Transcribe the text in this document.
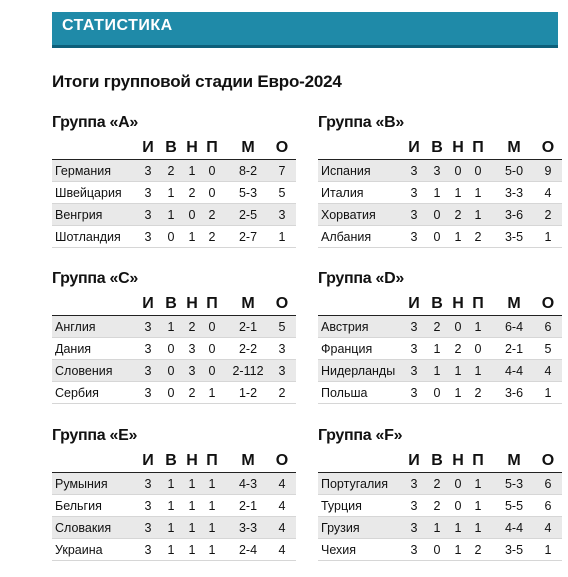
СТАТИСТИКА
Итоги групповой стадии Евро-2024
Группа «А»
И В Н П М О
Германия	3 2 1 0 8-2 7
Швейцария 3 1 2 0 5-3 5
Венгрия	3 1 0 2 2-5 3
Шотландия 3 0 1 2 2-7 1
Группа «В»
И В Н П М О
Испания	3 3 0 0 5-0 9
Италия	3 1 1 1 3-3 4
Хорватия	3 0 2 1 3-6 2
Албания	3 0 1 2 3-5 1
Группа «С»
И В Н П М О
Англия	3 1 2 0 2-1 5
Дания	3 0 3 0 2-2 3
Словения	3 0 3 0 2-112 3
Сербия	3 0 2 1 1-2 2
Группа «D»
И В Н П М О
Австрия	3 2 0 1 6-4 6
Франция	3 1 2 0 2-1 5
Нидерланды 3 1 1 1 4-4 4
Польша	3 0 1 2 3-6 1
Группа «Е»
И В Н П М О
Румыния	3 1 1 1 4-3 4
Бельгия	3 1 1 1 2-1 4
Словакия	3 1 1 1 3-3 4
Украина	3 1 1 1 2-4 4
Группа «F»
И В Н П М О
Португалия 3 2 0 1 5-3 6
Турция	3 2 0 1 5-5 6
Грузия	3 1 1 1 4-4 4
Чехия	3 0 1 2 3-5 1
